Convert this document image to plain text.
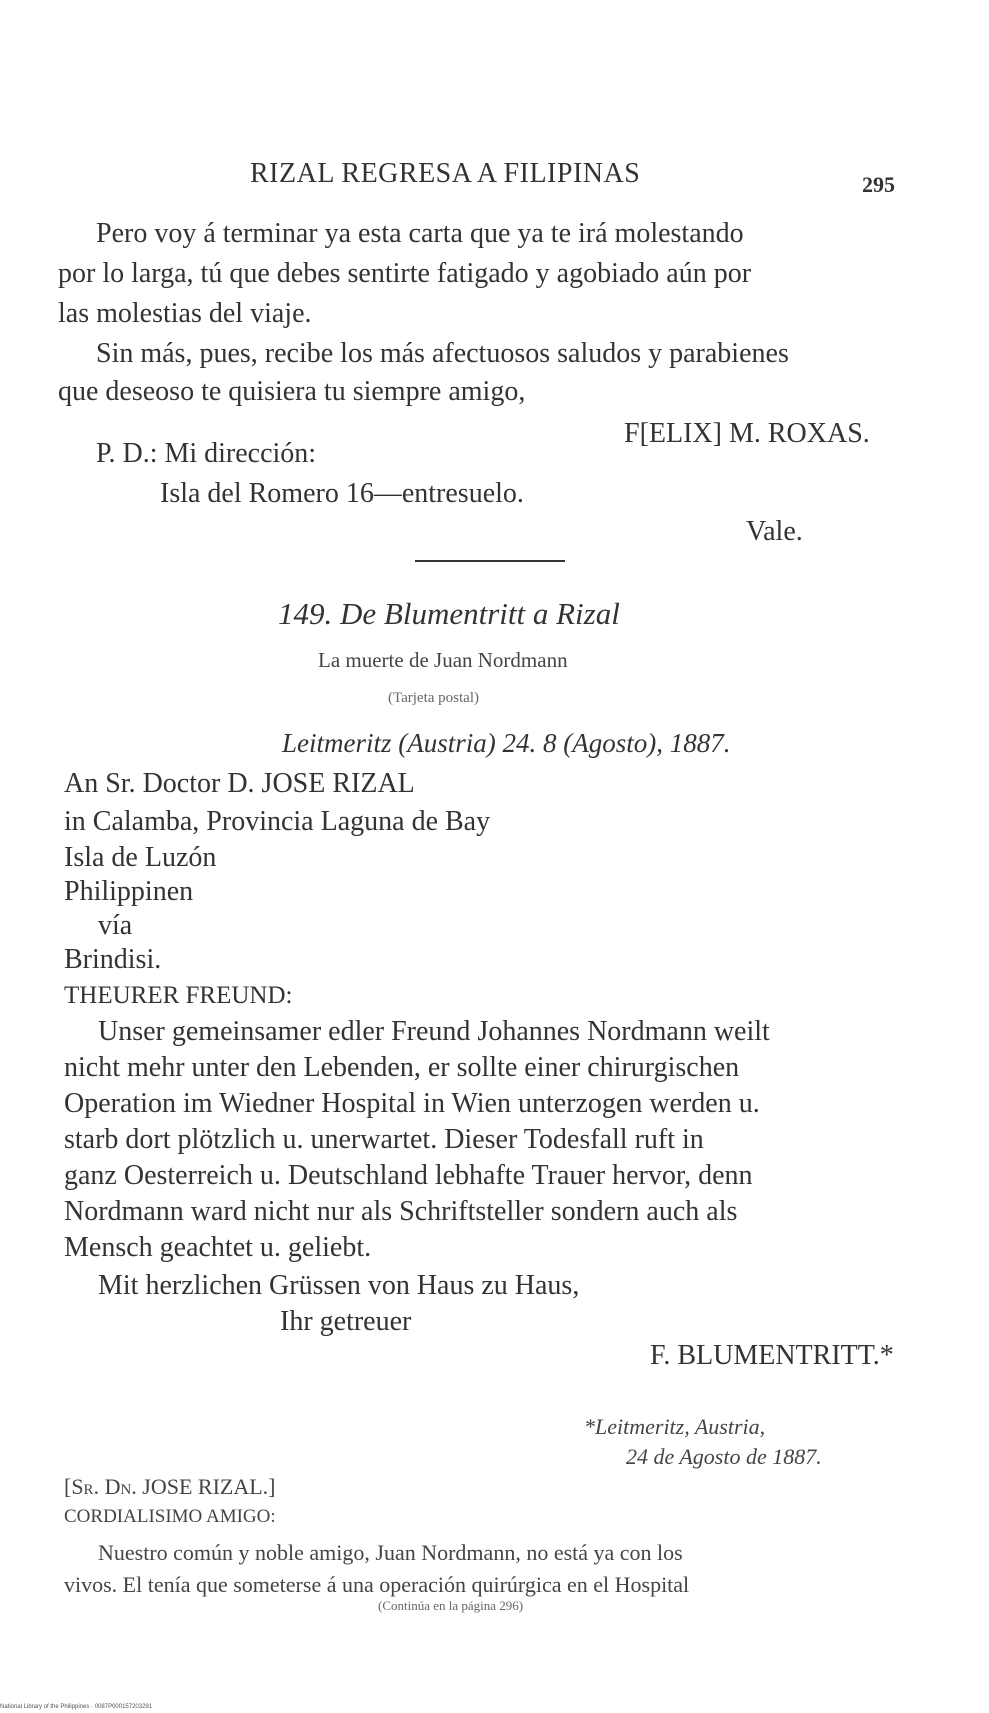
RIZAL REGRESA A FILIPINAS	295
Pero voy á terminar ya esta carta que ya te irá molestando
por lo larga, tú que debes sentirte fatigado y agobiado aún por
las molestias del viaje.
Sin más, pues, recibe los más afectuosos saludos y parabienes
que deseoso te quisiera tu siempre amigo,
F[ELIX] M. ROXAS.
P. D.: Mi dirección:
Isla del Romero 16—entresuelo.
Vale.
149. De Blumentritt a Rizal
La muerte de Juan Nordmann
(Tarjeta postal)
Leitmeritz (Austria) 24. 8 (Agosto), 1887.
An Sr. Doctor D. JOSE RIZAL
in Calamba, Provincia Laguna de Bay
Isla de Luzón
Philippinen
vía
Brindisi.
THEURER FREUND:
Unser gemeinsamer edler Freund Johannes Nordmann weilt
nicht mehr unter den Lebenden, er sollte einer chirurgischen
Operation im Wiedner Hospital in Wien unterzogen werden u.
starb dort plötzlich u. unerwartet. Dieser Todesfall ruft in
ganz Oesterreich u. Deutschland lebhafte Trauer hervor, denn
Nordmann ward nicht nur als Schriftsteller sondern auch als
Mensch geachtet u. geliebt.
Mit herzlichen Grüssen von Haus zu Haus,
Ihr getreuer
F. BLUMENTRITT.*
*Leitmeritz, Austria,
24 de Agosto de 1887.
[Sr. Dn. JOSE RIZAL.]
CORDIALISIMO AMIGO:
Nuestro común y noble amigo, Juan Nordmann, no está ya con los
vivos. El tenía que someterse á una operación quirúrgica en el Hospital
(Continúa en la página 296)
National Library of the Philippines · 0087P000157203291
